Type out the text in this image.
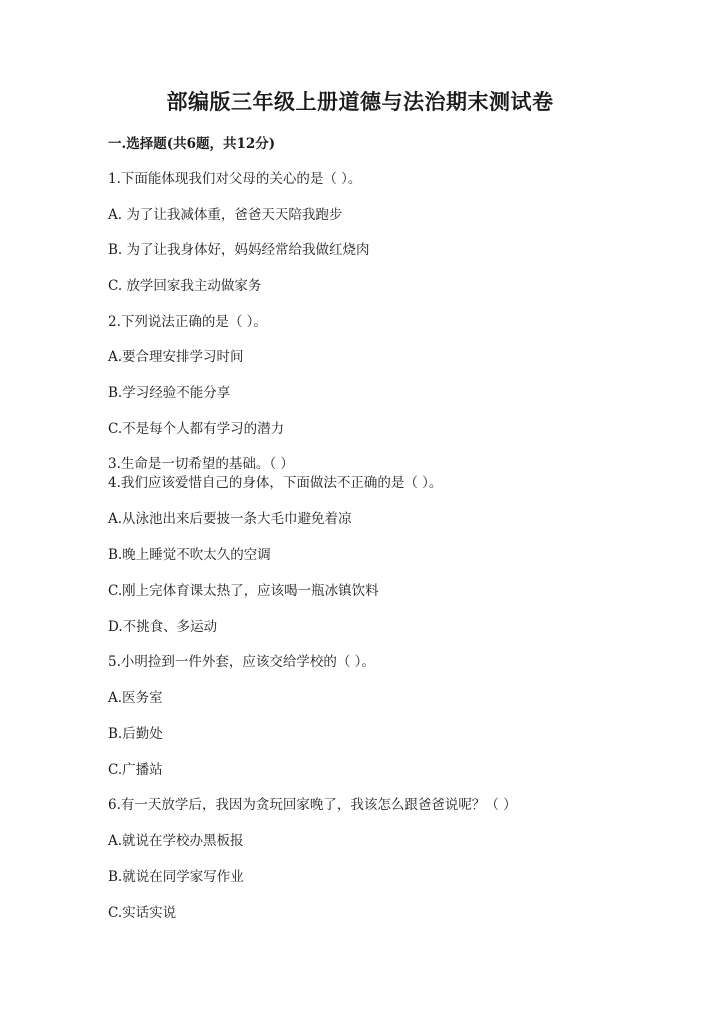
部编版三年级上册道德与法治期末测试卷
一.选择题(共6题，共12分)
1.下面能体现我们对父母的关心的是（ ）。
A. 为了让我减体重，爸爸天天陪我跑步
B. 为了让我身体好，妈妈经常给我做红烧肉
C. 放学回家我主动做家务
2.下列说法正确的是（ ）。
A.要合理安排学习时间
B.学习经验不能分享
C.不是每个人都有学习的潜力
3.生命是一切希望的基础。（ ）
4.我们应该爱惜自己的身体，下面做法不正确的是（ ）。
A.从泳池出来后要披一条大毛巾避免着凉
B.晚上睡觉不吹太久的空调
C.刚上完体育课太热了，应该喝一瓶冰镇饮料
D.不挑食、多运动
5.小明捡到一件外套，应该交给学校的（ ）。
A.医务室
B.后勤处
C.广播站
6.有一天放学后，我因为贪玩回家晚了，我该怎么跟爸爸说呢？（ ）
A.就说在学校办黑板报
B.就说在同学家写作业
C.实话实说
